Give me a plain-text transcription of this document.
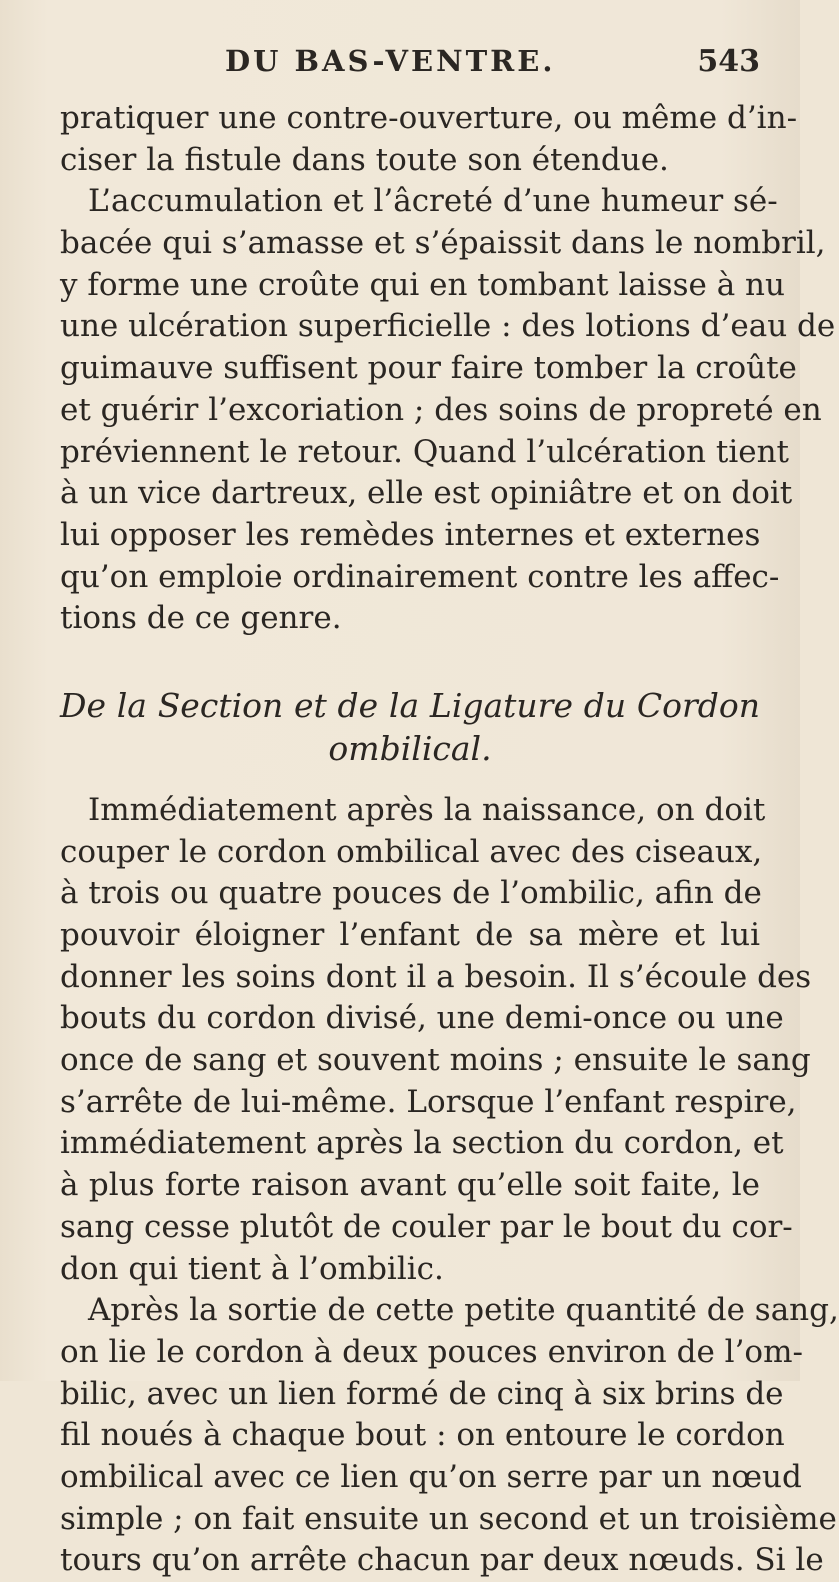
DU BAS-VENTRE.	543
pratiquer une contre-ouverture, ou même d’in-
ciser la fistule dans toute son étendue.
L’accumulation et l’âcreté d’une humeur sé-
bacée qui s’amasse et s’épaissit dans le nombril,
y forme une croûte qui en tombant laisse à nu
une ulcération superficielle : des lotions d’eau de
guimauve suffisent pour faire tomber la croûte
et guérir l’excoriation ; des soins de propreté en
préviennent le retour. Quand l’ulcération tient
à un vice dartreux, elle est opiniâtre et on doit
lui opposer les remèdes internes et externes
qu’on emploie ordinairement contre les affec-
tions de ce genre.
De la Section et de la Ligature du Cordon
ombilical.
Immédiatement après la naissance, on doit
couper le cordon ombilical avec des ciseaux,
à trois ou quatre pouces de l’ombilic, afin de
pouvoir éloigner l’enfant de sa mère et lui
donner les soins dont il a besoin. Il s’écoule des
bouts du cordon divisé, une demi-once ou une
once de sang et souvent moins ; ensuite le sang
s’arrête de lui-même. Lorsque l’enfant respire,
immédiatement après la section du cordon, et
à plus forte raison avant qu’elle soit faite, le
sang cesse plutôt de couler par le bout du cor-
don qui tient à l’ombilic.
Après la sortie de cette petite quantité de sang,
on lie le cordon à deux pouces environ de l’om-
bilic, avec un lien formé de cinq à six brins de
fil noués à chaque bout : on entoure le cordon
ombilical avec ce lien qu’on serre par un nœud
simple ; on fait ensuite un second et un troisième
tours qu’on arrête chacun par deux nœuds. Si le
